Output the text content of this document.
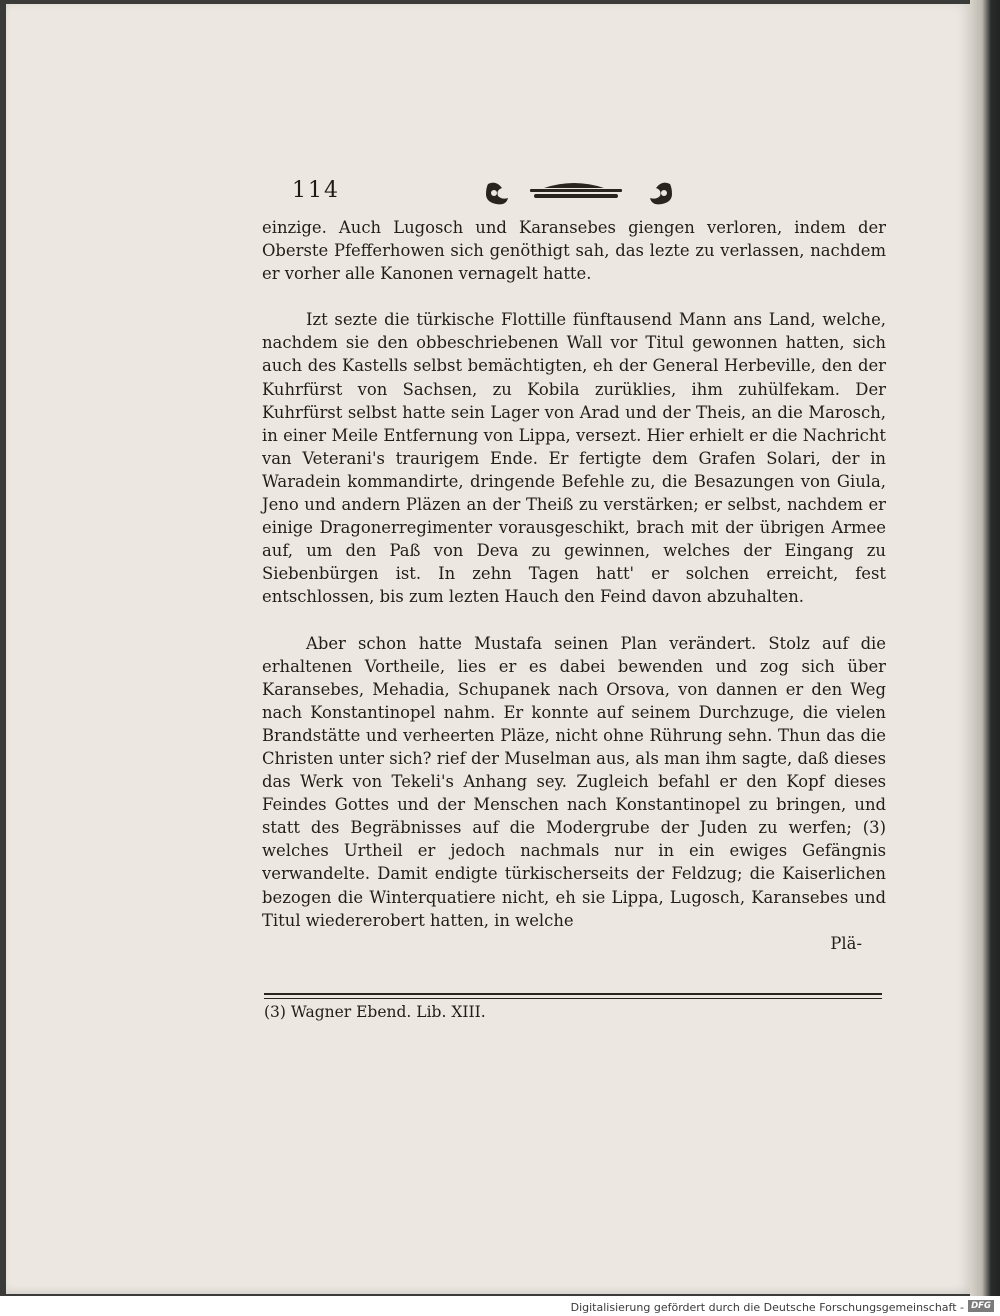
114

einzige. Auch Lugosch und Karansebes giengen verloren, indem der Oberste Pfefferhowen sich genöthigt sah, das lezte zu verlassen, nachdem er vorher alle Kanonen vernagelt hatte.

Izt sezte die türkische Flottille fünftausend Mann ans Land, welche, nachdem sie den obbeschriebenen Wall vor Titul gewonnen hatten, sich auch des Kastells selbst bemächtigten, eh der General Herbeville, den der Kuhrfürst von Sachsen, zu Kobila zurüklies, ihm zuhülfekam. Der Kuhrfürst selbst hatte sein Lager von Arad und der Theis, an die Marosch, in einer Meile Entfernung von Lippa, versezt. Hier erhielt er die Nachricht van Veterani's traurigem Ende. Er fertigte dem Grafen Solari, der in Waradein kommandirte, dringende Befehle zu, die Besazungen von Giula, Jeno und andern Pläzen an der Theiß zu verstärken; er selbst, nachdem er einige Dragonerregimenter vorausgeschikt, brach mit der übrigen Armee auf, um den Paß von Deva zu gewinnen, welches der Eingang zu Siebenbürgen ist. In zehn Tagen hatt' er solchen erreicht, fest entschlossen, bis zum lezten Hauch den Feind davon abzuhalten.

Aber schon hatte Mustafa seinen Plan verändert. Stolz auf die erhaltenen Vortheile, lies er es dabei bewenden und zog sich über Karansebes, Mehadia, Schupanek nach Orsova, von dannen er den Weg nach Konstantinopel nahm. Er konnte auf seinem Durchzuge, die vielen Brandstätte und verheerten Pläze, nicht ohne Rührung sehn. Thun das die Christen unter sich? rief der Muselman aus, als man ihm sagte, daß dieses das Werk von Tekeli's Anhang sey. Zugleich befahl er den Kopf dieses Feindes Gottes und der Menschen nach Konstantinopel zu bringen, und statt des Begräbnisses auf die Modergrube der Juden zu werfen; (3) welches Urtheil er jedoch nachmals nur in ein ewiges Gefängnis verwandelte. Damit endigte türkischerseits der Feldzug; die Kaiserlichen bezogen die Winterquatiere nicht, eh sie Lippa, Lugosch, Karansebes und Titul wiedererobert hatten, in welche

Plä-

(3) Wagner Ebend. Lib. XIII.
Digitalisierung gefördert durch die Deutsche Forschungsgemeinschaft - DFG
